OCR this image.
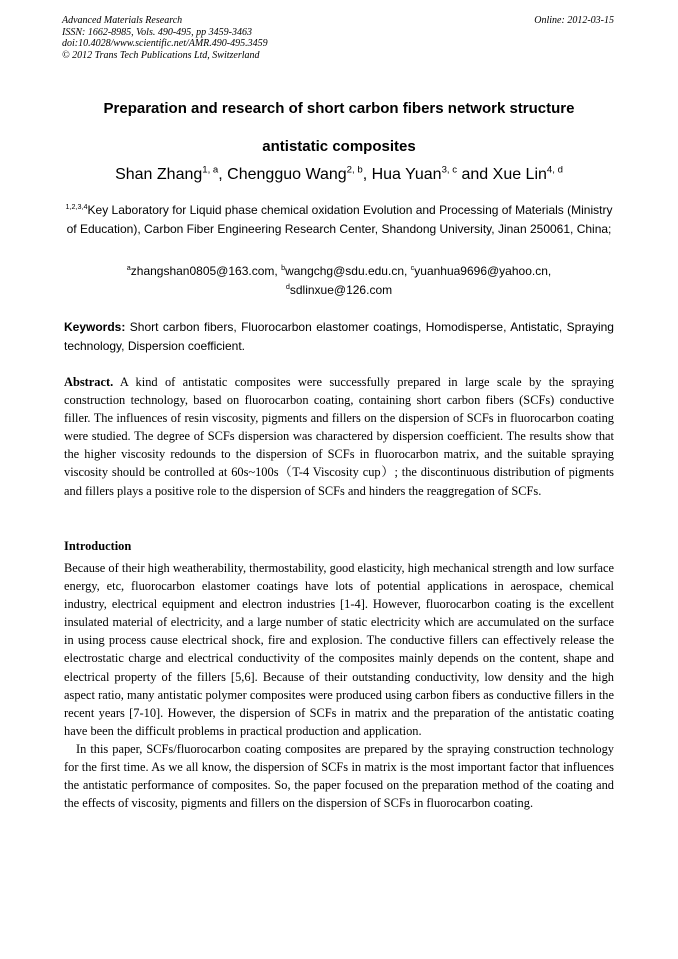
Advanced Materials Research
ISSN: 1662-8985, Vols. 490-495, pp 3459-3463
doi:10.4028/www.scientific.net/AMR.490-495.3459
© 2012 Trans Tech Publications Ltd, Switzerland
Online: 2012-03-15
Preparation and research of short carbon fibers network structure
antistatic composites
Shan Zhang$^{1, a}$, Chengguo Wang$^{2, b}$, Hua Yuan$^{3, c}$ and Xue Lin$^{4, d}$
$^{1,2,3,4}$Key Laboratory for Liquid phase chemical oxidation Evolution and Processing of Materials (Ministry of Education), Carbon Fiber Engineering Research Center, Shandong University, Jinan 250061, China;
$^a$zhangshan0805@163.com, $^b$wangchg@sdu.edu.cn, $^c$yuanhua9696@yahoo.cn,
$^d$sdlinxue@126.com
Keywords: Short carbon fibers, Fluorocarbon elastomer coatings, Homodisperse, Antistatic, Spraying technology, Dispersion coefficient.
Abstract. A kind of antistatic composites were successfully prepared in large scale by the spraying construction technology, based on fluorocarbon coating, containing short carbon fibers (SCFs) conductive filler. The influences of resin viscosity, pigments and fillers on the dispersion of SCFs in fluorocarbon coating were studied. The degree of SCFs dispersion was charactered by dispersion coefficient. The results show that the higher viscosity redounds to the dispersion of SCFs in fluorocarbon matrix, and the suitable spraying viscosity should be controlled at 60s~100s（T-4 Viscosity cup）; the discontinuous distribution of pigments and fillers plays a positive role to the dispersion of SCFs and hinders the reaggregation of SCFs.
Introduction

Because of their high weatherability, thermostability, good elasticity, high mechanical strength and low surface energy, etc, fluorocarbon elastomer coatings have lots of potential applications in aerospace, chemical industry, electrical equipment and electron industries [1-4]. However, fluorocarbon coating is the excellent insulated material of electricity, and a large number of static electricity which are accumulated on the surface in using process cause electrical shock, fire and explosion. The conductive fillers can effectively release the electrostatic charge and electrical conductivity of the composites mainly depends on the content, shape and electrical property of the fillers [5,6]. Because of their outstanding conductivity, low density and the high aspect ratio, many antistatic polymer composites were produced using carbon fibers as conductive fillers in the recent years [7-10]. However, the dispersion of SCFs in matrix and the preparation of the antistatic coating have been the difficult problems in practical production and application.

In this paper, SCFs/fluorocarbon coating composites are prepared by the spraying construction technology for the first time. As we all know, the dispersion of SCFs in matrix is the most important factor that influences the antistatic performance of composites. So, the paper focused on the preparation method of the coating and the effects of viscosity, pigments and fillers on the dispersion of SCFs in fluorocarbon coating.
